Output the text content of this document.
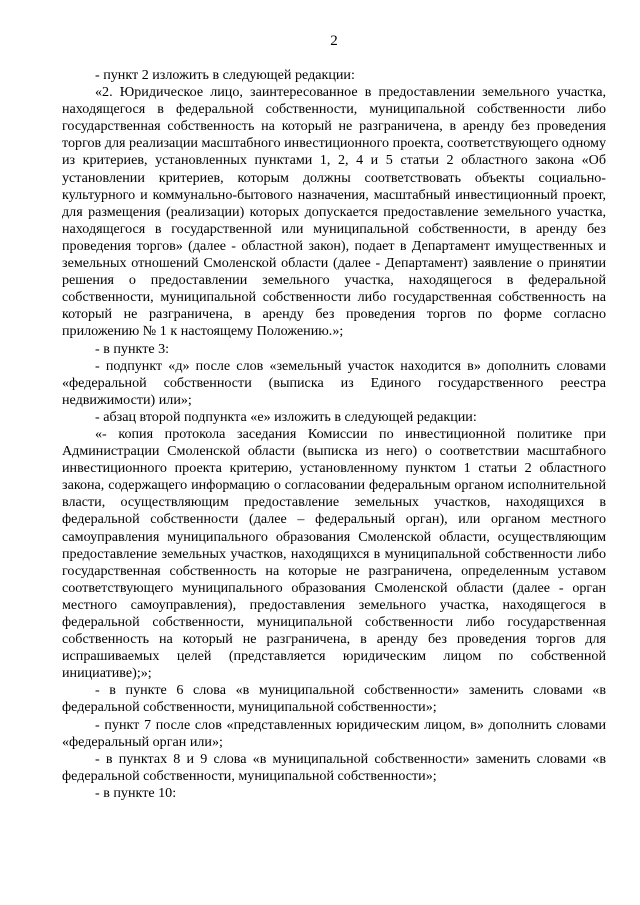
2

- пункт 2 изложить в следующей редакции:

«2. Юридическое лицо, заинтересованное в предоставлении земельного участка, находящегося в федеральной собственности, муниципальной собственности либо государственная собственность на который не разграничена, в аренду без проведения торгов для реализации масштабного инвестиционного проекта, соответствующего одному из критериев, установленных пунктами 1, 2, 4 и 5 статьи 2 областного закона «Об установлении критериев, которым должны соответствовать объекты социально-культурного и коммунально-бытового назначения, масштабный инвестиционный проект, для размещения (реализации) которых допускается предоставление земельного участка, находящегося в государственной или муниципальной собственности, в аренду без проведения торгов» (далее - областной закон), подает в Департамент имущественных и земельных отношений Смоленской области (далее - Департамент) заявление о принятии решения о предоставлении земельного участка, находящегося в федеральной собственности, муниципальной собственности либо государственная собственность на который не разграничена, в аренду без проведения торгов по форме согласно приложению № 1 к настоящему Положению.»;

- в пункте 3:

- подпункт «д» после слов «земельный участок находится в» дополнить словами «федеральной собственности (выписка из Единого государственного реестра недвижимости) или»;

- абзац второй подпункта «е» изложить в следующей редакции:

«- копия протокола заседания Комиссии по инвестиционной политике при Администрации Смоленской области (выписка из него) о соответствии масштабного инвестиционного проекта критерию, установленному пунктом 1 статьи 2 областного закона, содержащего информацию о согласовании федеральным органом исполнительной власти, осуществляющим предоставление земельных участков, находящихся в федеральной собственности (далее – федеральный орган), или органом местного самоуправления муниципального образования Смоленской области, осуществляющим предоставление земельных участков, находящихся в муниципальной собственности либо государственная собственность на которые не разграничена, определенным уставом соответствующего муниципального образования Смоленской области (далее - орган местного самоуправления), предоставления земельного участка, находящегося в федеральной собственности, муниципальной собственности либо государственная собственность на который не разграничена, в аренду без проведения торгов для испрашиваемых целей (представляется юридическим лицом по собственной инициативе);»;

- в пункте 6 слова «в муниципальной собственности» заменить словами «в федеральной собственности, муниципальной собственности»;

- пункт 7 после слов «представленных юридическим лицом, в» дополнить словами «федеральный орган или»;

- в пунктах 8 и 9 слова «в муниципальной собственности» заменить словами «в федеральной собственности, муниципальной собственности»;

- в пункте 10:
